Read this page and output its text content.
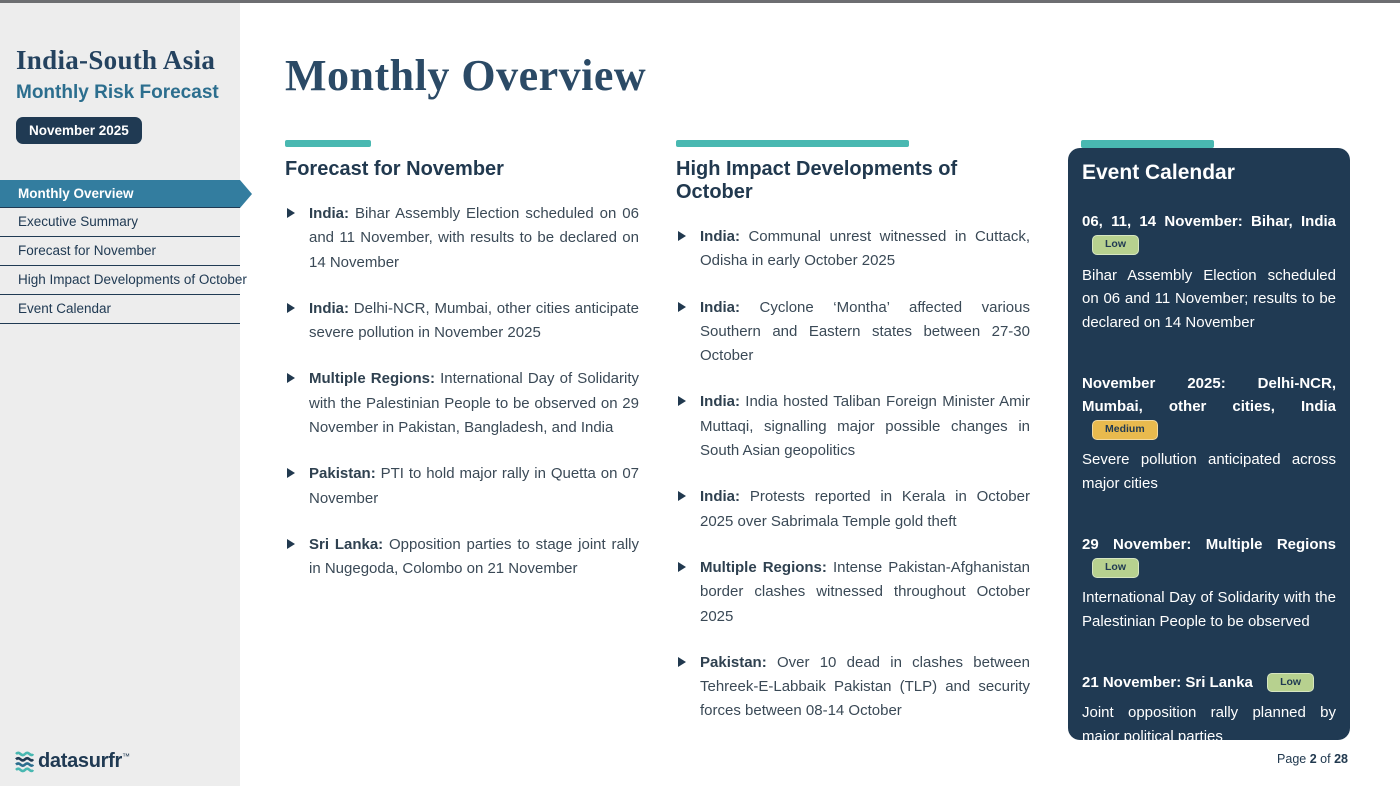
India-South Asia
Monthly Risk Forecast
November 2025
Monthly Overview
Executive Summary
Forecast for November
High Impact Developments of October
Event Calendar
datasurfr ™
Monthly Overview
Forecast for November

India: Bihar Assembly Election scheduled on 06 and 11 November, with results to be declared on 14 November

India: Delhi-NCR, Mumbai, other cities anticipate severe pollution in November 2025

Multiple Regions: International Day of Solidarity with the Palestinian People to be observed on 29 November in Pakistan, Bangladesh, and India

Pakistan: PTI to hold major rally in Quetta on 07 November

Sri Lanka: Opposition parties to stage joint rally in Nugegoda, Colombo on 21 November

High Impact Developments of October

India: Communal unrest witnessed in Cuttack, Odisha in early October 2025

India: Cyclone ‘Montha’ affected various Southern and Eastern states between 27-30 October

India: India hosted Taliban Foreign Minister Amir Muttaqi, signalling major possible changes in South Asian geopolitics

India: Protests reported in Kerala in October 2025 over Sabrimala Temple gold theft

Multiple Regions: Intense Pakistan-Afghanistan border clashes witnessed throughout October 2025

Pakistan: Over 10 dead in clashes between Tehreek-E-Labbaik Pakistan (TLP) and security forces between 08-14 October

Event Calendar
06, 11, 14 November: Bihar, India Low

Bihar Assembly Election scheduled on 06 and 11 November; results to be declared on 14 November

November 2025: Delhi-NCR, Mumbai, other cities, India Medium

Severe pollution anticipated across major cities

29 November: Multiple Regions Low

International Day of Solidarity with the Palestinian People to be observed

21 November: Sri Lanka Low

Joint opposition rally planned by major political parties

Page 2 of 28
